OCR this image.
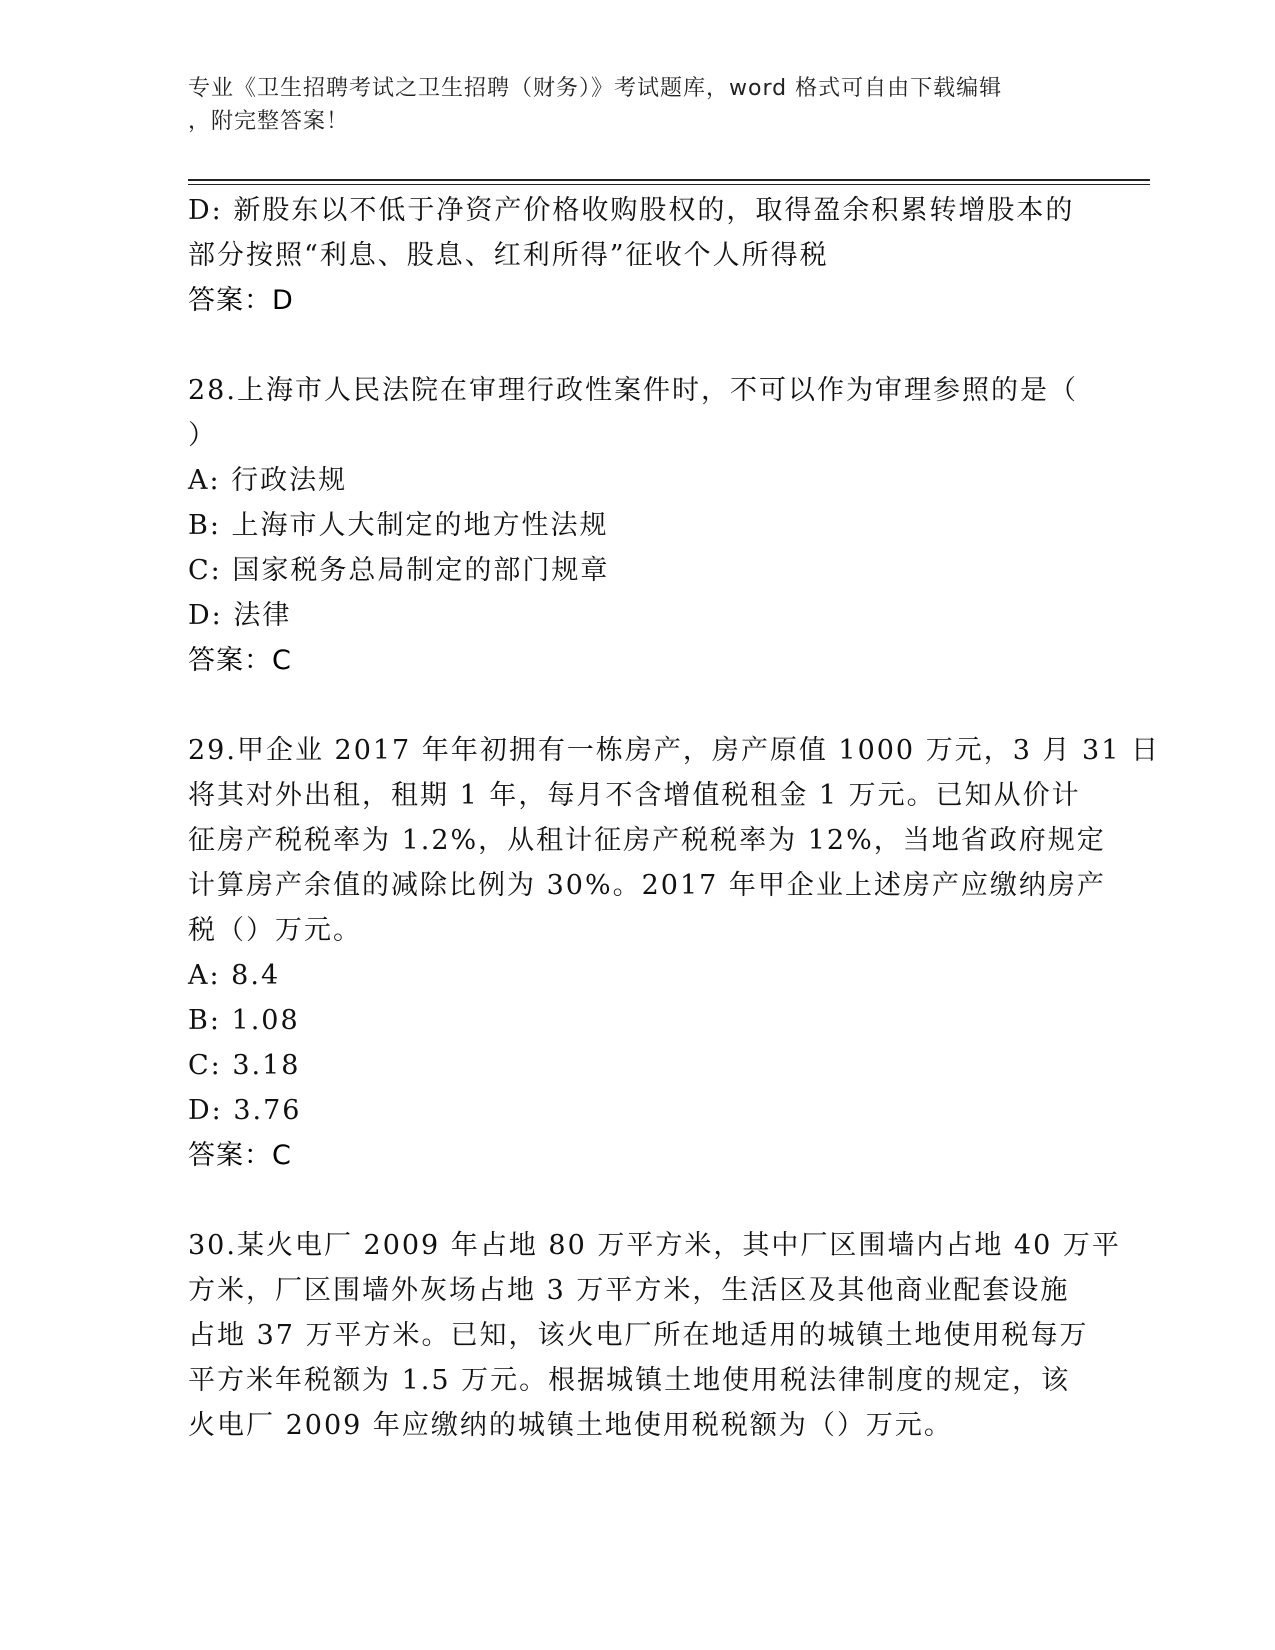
专业《卫生招聘考试之卫生招聘（财务）》考试题库，word 格式可自由下载编辑
，附完整答案！
D: 新股东以不低于净资产价格收购股权的，取得盈余积累转增股本的
部分按照“利息、股息、红利所得”征收个人所得税
答案：D
28.上海市人民法院在审理行政性案件时，不可以作为审理参照的是（
）
A: 行政法规
B: 上海市人大制定的地方性法规
C: 国家税务总局制定的部门规章
D: 法律
答案：C
29.甲企业 2017 年年初拥有一栋房产，房产原值 1000 万元，3 月 31 日
将其对外出租，租期 1 年，每月不含增值税租金 1 万元。已知从价计
征房产税税率为 1.2%，从租计征房产税税率为 12%，当地省政府规定
计算房产余值的减除比例为 30%。2017 年甲企业上述房产应缴纳房产
税（）万元。
A: 8.4
B: 1.08
C: 3.18
D: 3.76
答案：C
30.某火电厂 2009 年占地 80 万平方米，其中厂区围墙内占地 40 万平
方米，厂区围墙外灰场占地 3 万平方米，生活区及其他商业配套设施
占地 37 万平方米。已知，该火电厂所在地适用的城镇土地使用税每万
平方米年税额为 1.5 万元。根据城镇土地使用税法律制度的规定，该
火电厂 2009 年应缴纳的城镇土地使用税税额为（）万元。
